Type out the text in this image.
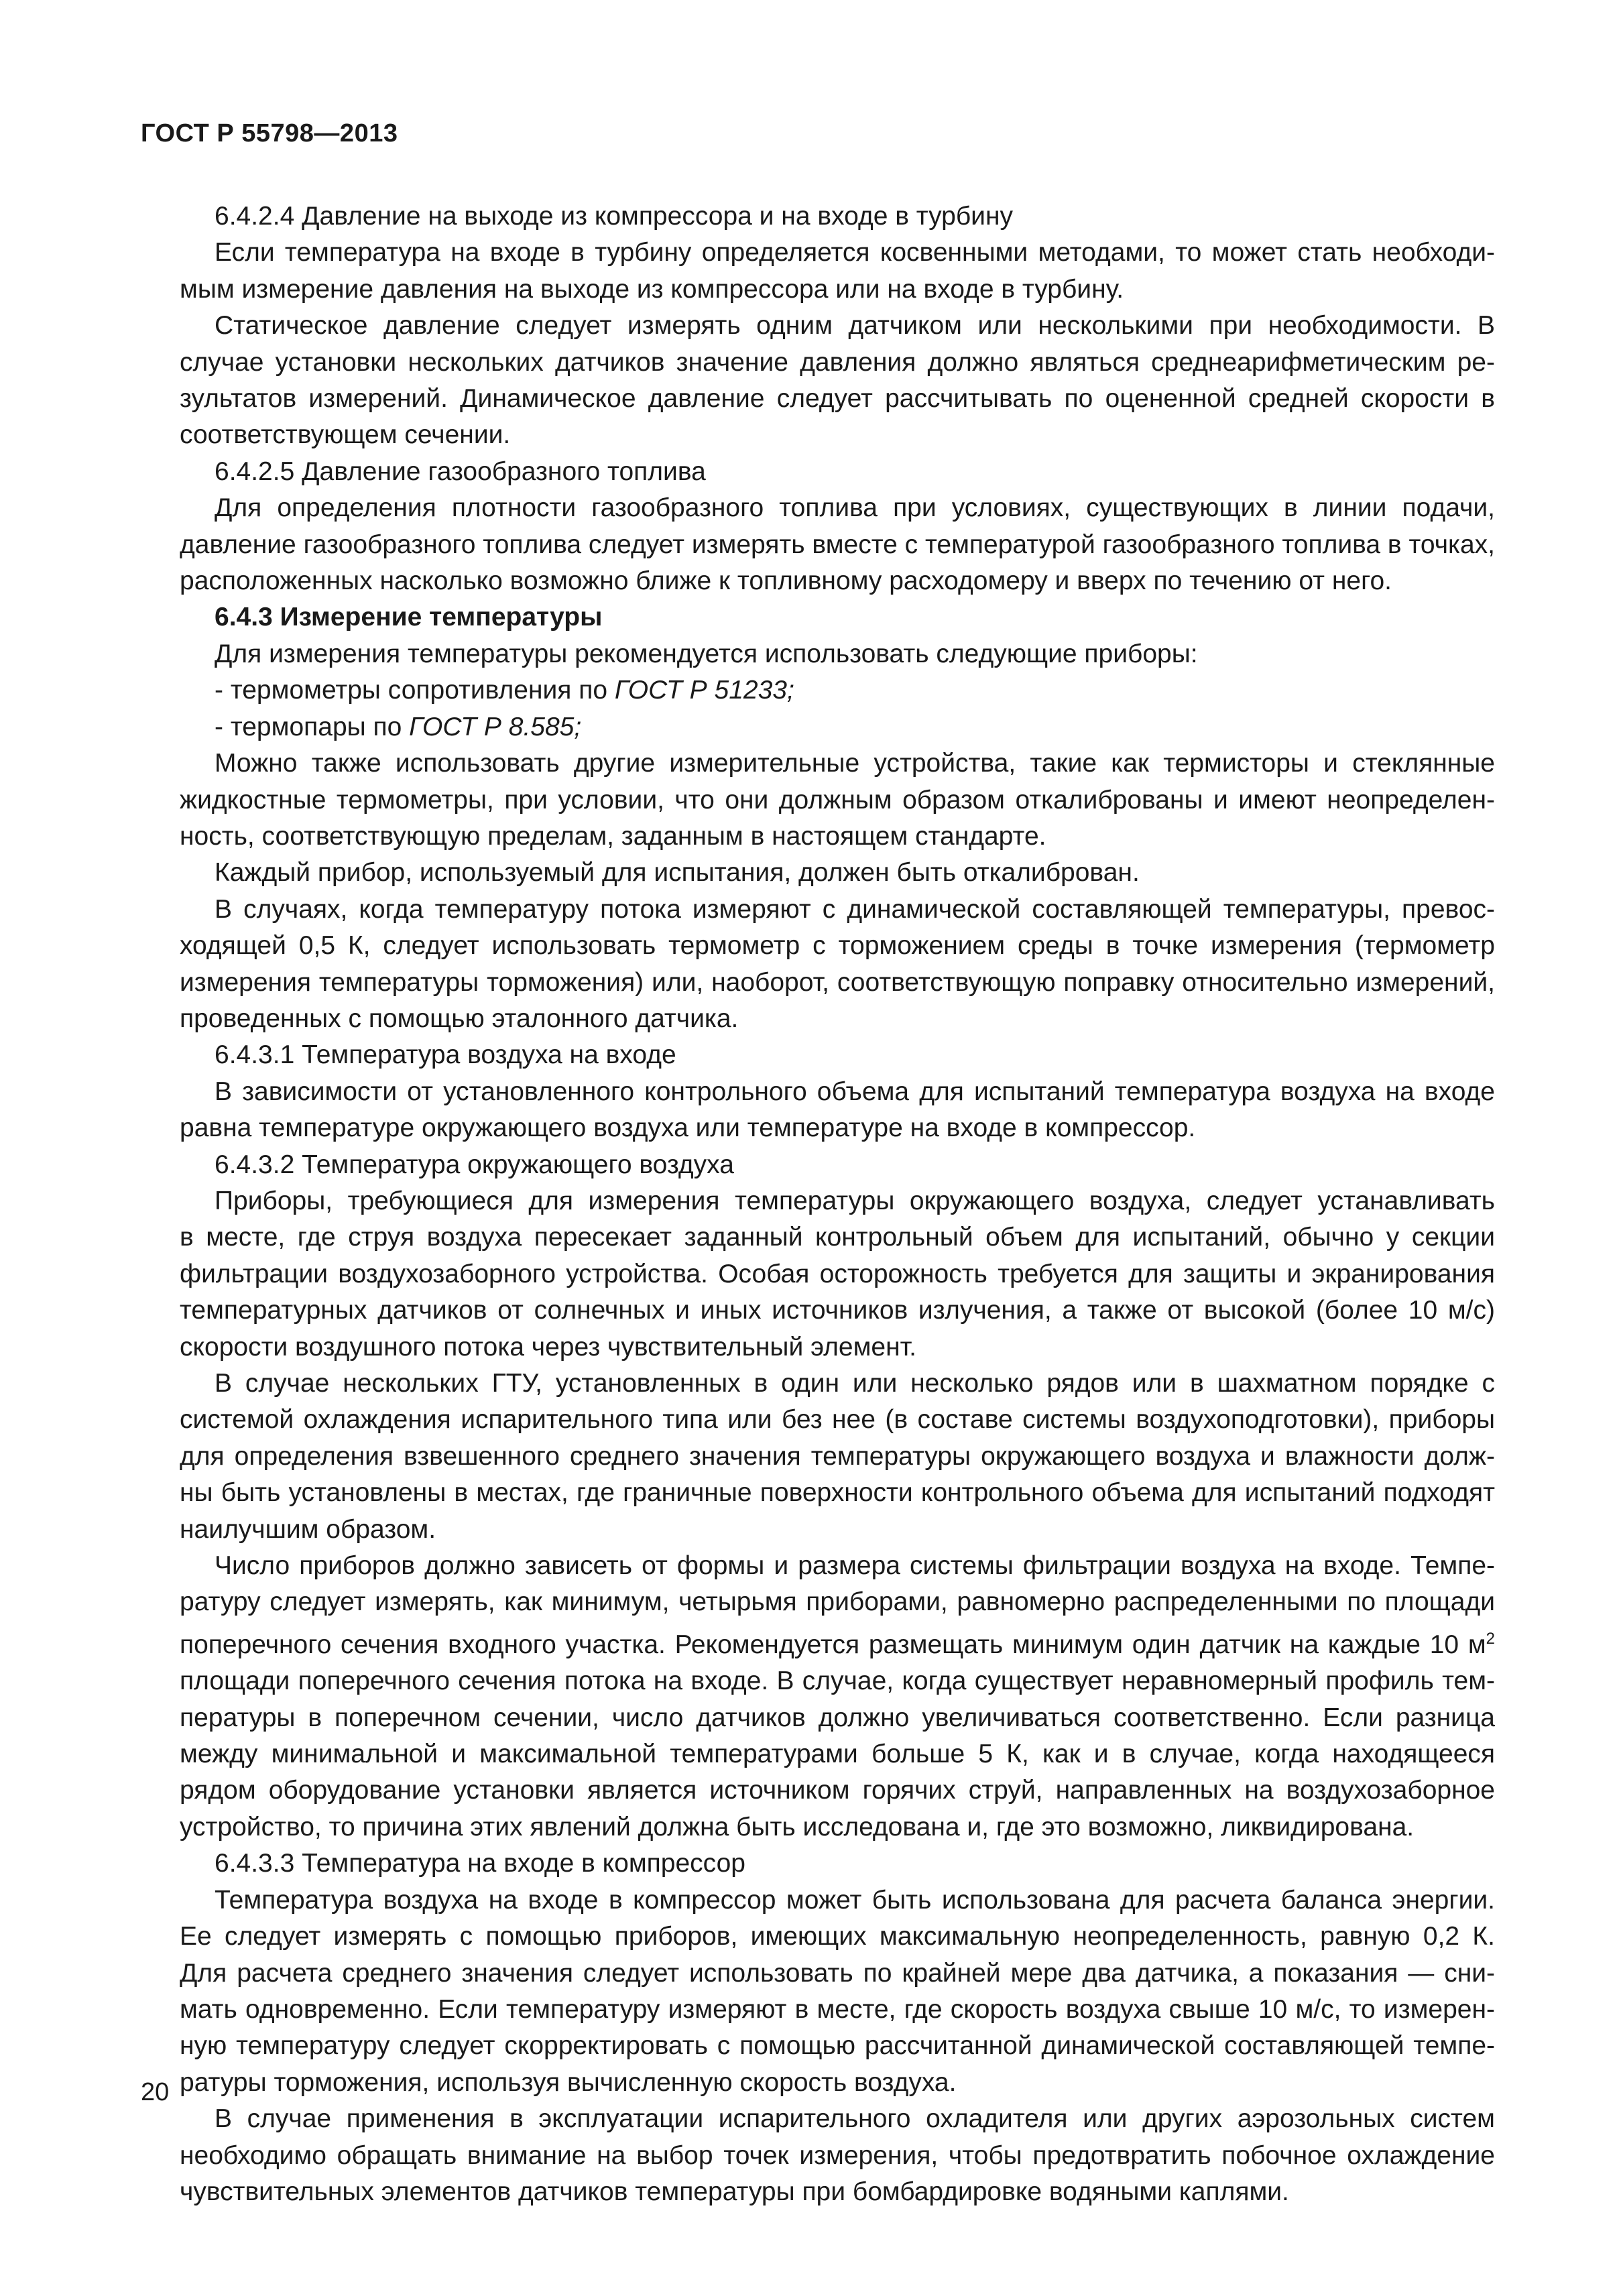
ГОСТ Р 55798—2013
6.4.2.4 Давление на выходе из компрессора и на входе в турбину
Если температура на входе в турбину определяется косвенными методами, то может стать необходи-
мым измерение давления на выходе из компрессора или на входе в турбину.
Статическое давление следует измерять одним датчиком или несколькими при необходимости. В
случае установки нескольких датчиков значение давления должно являться среднеарифметическим ре-
зультатов измерений. Динамическое давление следует рассчитывать по оцененной средней скорости в
соответствующем сечении.
6.4.2.5 Давление газообразного топлива
Для определения плотности газообразного топлива при условиях, существующих в линии подачи,
давление газообразного топлива следует измерять вместе с температурой газообразного топлива в точках,
расположенных насколько возможно ближе к топливному расходомеру и вверх по течению от него.
6.4.3 Измерение температуры
Для измерения температуры рекомендуется использовать следующие приборы:
- термометры сопротивления по ГОСТ Р 51233;
- термопары по ГОСТ Р 8.585;
Можно также использовать другие измерительные устройства, такие как термисторы и стеклянные
жидкостные термометры, при условии, что они должным образом откалиброваны и имеют неопределен-
ность, соответствующую пределам, заданным в настоящем стандарте.
Каждый прибор, используемый для испытания, должен быть откалиброван.
В случаях, когда температуру потока измеряют с динамической составляющей температуры, превос-
ходящей 0,5 К, следует использовать термометр с торможением среды в точке измерения (термометр
измерения температуры торможения) или, наоборот, соответствующую поправку относительно измерений,
проведенных с помощью эталонного датчика.
6.4.3.1 Температура воздуха на входе
В зависимости от установленного контрольного объема для испытаний температура воздуха на входе
равна температуре окружающего воздуха или температуре на входе в компрессор.
6.4.3.2 Температура окружающего воздуха
Приборы, требующиеся для измерения температуры окружающего воздуха, следует устанавливать
в месте, где струя воздуха пересекает заданный контрольный объем для испытаний, обычно у секции
фильтрации воздухозаборного устройства. Особая осторожность требуется для защиты и экранирования
температурных датчиков от солнечных и иных источников излучения, а также от высокой (более 10 м/с)
скорости воздушного потока через чувствительный элемент.
В случае нескольких ГТУ, установленных в один или несколько рядов или в шахматном порядке с
системой охлаждения испарительного типа или без нее (в составе системы воздухоподготовки), приборы
для определения взвешенного среднего значения температуры окружающего воздуха и влажности долж-
ны быть установлены в местах, где граничные поверхности контрольного объема для испытаний подходят
наилучшим образом.
Число приборов должно зависеть от формы и размера системы фильтрации воздуха на входе. Темпе-
ратуру следует измерять, как минимум, четырьмя приборами, равномерно распределенными по площади
поперечного сечения входного участка. Рекомендуется размещать минимум один датчик на каждые 10 $м^2$
площади поперечного сечения потока на входе. В случае, когда существует неравномерный профиль тем-
пературы в поперечном сечении, число датчиков должно увеличиваться соответственно. Если разница
между минимальной и максимальной температурами больше 5 К, как и в случае, когда находящееся
рядом оборудование установки является источником горячих струй, направленных на воздухозаборное
устройство, то причина этих явлений должна быть исследована и, где это возможно, ликвидирована.
6.4.3.3 Температура на входе в компрессор
Температура воздуха на входе в компрессор может быть использована для расчета баланса энергии.
Ее следует измерять с помощью приборов, имеющих максимальную неопределенность, равную 0,2 К.
Для расчета среднего значения следует использовать по крайней мере два датчика, а показания — сни-
мать одновременно. Если температуру измеряют в месте, где скорость воздуха свыше 10 м/с, то измерен-
ную температуру следует скорректировать с помощью рассчитанной динамической составляющей темпе-
ратуры торможения, используя вычисленную скорость воздуха.
В случае применения в эксплуатации испарительного охладителя или других аэрозольных систем
необходимо обращать внимание на выбор точек измерения, чтобы предотвратить побочное охлаждение
чувствительных элементов датчиков температуры при бомбардировке водяными каплями.
20
